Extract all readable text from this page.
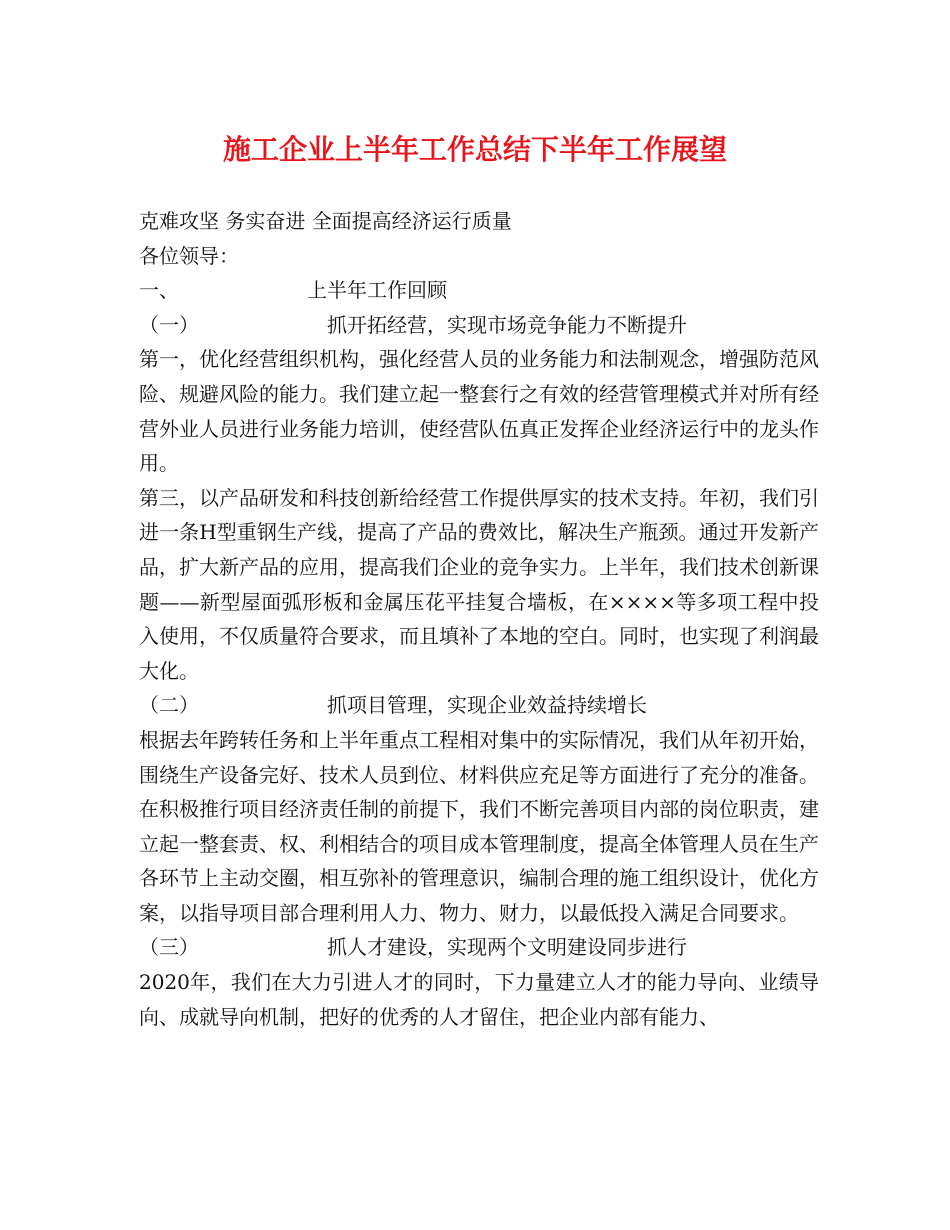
施工企业上半年工作总结下半年工作展望

克难攻坚 务实奋进 全面提高经济运行质量

各位领导：

一、	上半年工作回顾

（一）	抓开拓经营，实现市场竞争能力不断提升

第一，优化经营组织机构，强化经营人员的业务能力和法制观念，增强防范风险、规避风险的能力。我们建立起一整套行之有效的经营管理模式并对所有经营外业人员进行业务能力培训，使经营队伍真正发挥企业经济运行中的龙头作用。

第三，以产品研发和科技创新给经营工作提供厚实的技术支持。年初，我们引进一条H型重钢生产线，提高了产品的费效比，解决生产瓶颈。通过开发新产品，扩大新产品的应用，提高我们企业的竞争实力。上半年，我们技术创新课题——新型屋面弧形板和金属压花平挂复合墙板，在××××等多项工程中投入使用，不仅质量符合要求，而且填补了本地的空白。同时，也实现了利润最大化。

（二）	抓项目管理，实现企业效益持续增长

根据去年跨转任务和上半年重点工程相对集中的实际情况，我们从年初开始，围绕生产设备完好、技术人员到位、材料供应充足等方面进行了充分的准备。在积极推行项目经济责任制的前提下，我们不断完善项目内部的岗位职责，建立起一整套责、权、利相结合的项目成本管理制度，提高全体管理人员在生产各环节上主动交圈，相互弥补的管理意识，编制合理的施工组织设计，优化方案，以指导项目部合理利用人力、物力、财力，以最低投入满足合同要求。

（三）	抓人才建设，实现两个文明建设同步进行

2020年，我们在大力引进人才的同时，下力量建立人才的能力导向、业绩导向、成就导向机制，把好的优秀的人才留住，把企业内部有能力、
